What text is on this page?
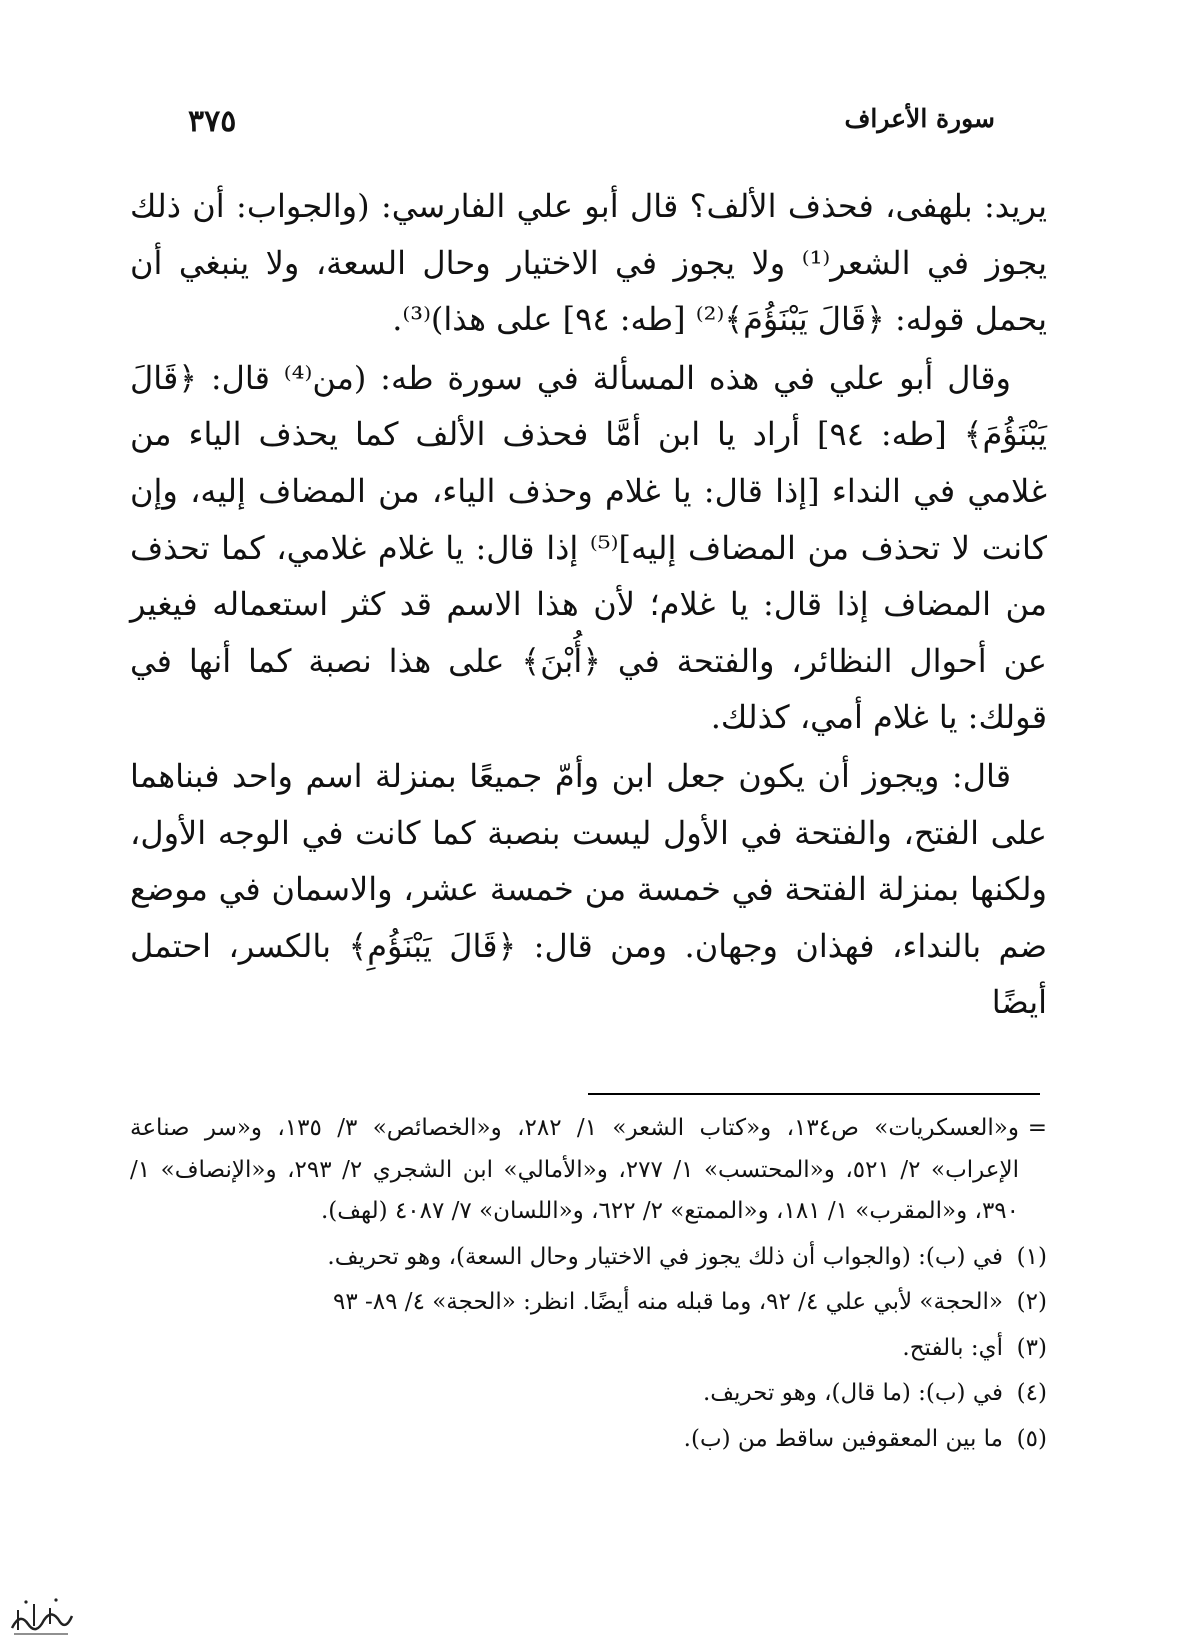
سورة الأعراف
٣٧٥

يريد: بلهفى، فحذف الألف؟ قال أبو علي الفارسي: (والجواب: أن ذلك يجوز في الشعر⁽¹⁾ ولا يجوز في الاختيار وحال السعة، ولا ينبغي أن يحمل قوله: ﴿قَالَ يَبْنَؤُمَ﴾⁽²⁾ [طه: ٩٤] على هذا)⁽³⁾.

وقال أبو علي في هذه المسألة في سورة طه: (من⁽⁴⁾ قال: ﴿قَالَ يَبْنَؤُمَ﴾ [طه: ٩٤] أراد يا ابن أمَّا فحذف الألف كما يحذف الياء من غلامي في النداء [إذا قال: يا غلام وحذف الياء، من المضاف إليه، وإن كانت لا تحذف من المضاف إليه]⁽⁵⁾ إذا قال: يا غلام غلامي، كما تحذف من المضاف إذا قال: يا غلام؛ لأن هذا الاسم قد كثر استعماله فيغير عن أحوال النظائر، والفتحة في ﴿أُبْنَ﴾ على هذا نصبة كما أنها في قولك: يا غلام أمي، كذلك.

قال: ويجوز أن يكون جعل ابن وأمّ جميعًا بمنزلة اسم واحد فبناهما على الفتح، والفتحة في الأول ليست بنصبة كما كانت في الوجه الأول، ولكنها بمنزلة الفتحة في خمسة من خمسة عشر، والاسمان في موضع ضم بالنداء، فهذان وجهان. ومن قال: ﴿قَالَ يَبْنَؤُمِ﴾ بالكسر، احتمل أيضًا

=
و«العسكريات» ص١٣٤، و«كتاب الشعر» ١/ ٢٨٢، و«الخصائص» ٣/ ١٣٥، و«سر صناعة الإعراب» ٢/ ٥٢١، و«المحتسب» ١/ ٢٧٧، و«الأمالي» ابن الشجري ٢/ ٢٩٣، و«الإنصاف» ١/ ٣٩٠، و«المقرب» ١/ ١٨١، و«الممتع» ٢/ ٦٢٢، و«اللسان» ٧/ ٤٠٨٧ (لهف).
(١)
في (ب): (والجواب أن ذلك يجوز في الاختيار وحال السعة)، وهو تحريف.
(٢)
«الحجة» لأبي علي ٤/ ٩٢، وما قبله منه أيضًا. انظر: «الحجة» ٤/ ٨٩- ٩٣
(٣)
أي: بالفتح.
(٤)
في (ب): (ما قال)، وهو تحريف.
(٥)
ما بين المعقوفين ساقط من (ب).
